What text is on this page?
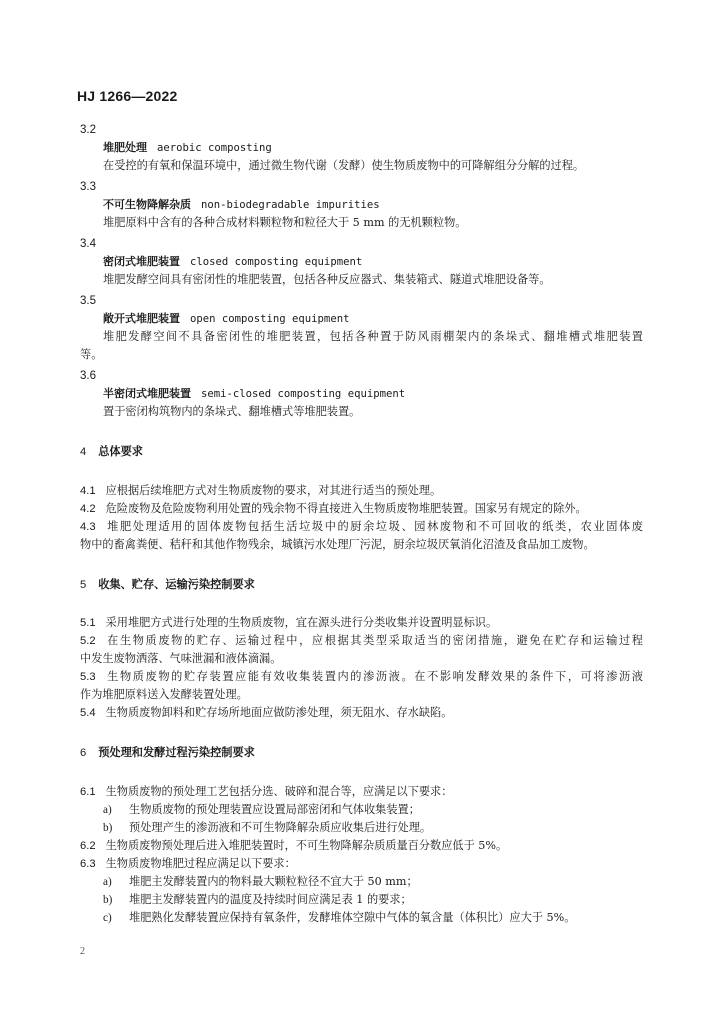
HJ 1266—2022
3.2
堆肥处理 aerobic composting
在受控的有氧和保温环境中，通过微生物代谢（发酵）使生物质废物中的可降解组分分解的过程。
3.3
不可生物降解杂质 non-biodegradable impurities
堆肥原料中含有的各种合成材料颗粒物和粒径大于 5 mm 的无机颗粒物。
3.4
密闭式堆肥装置 closed composting equipment
堆肥发酵空间具有密闭性的堆肥装置，包括各种反应器式、集装箱式、隧道式堆肥设备等。
3.5
敞开式堆肥装置 open composting equipment
堆肥发酵空间不具备密闭性的堆肥装置，包括各种置于防风雨棚架内的条垛式、翻堆槽式堆肥装置
等。
3.6
半密闭式堆肥装置 semi-closed composting equipment
置于密闭构筑物内的条垛式、翻堆槽式等堆肥装置。
4 总体要求
4.1 应根据后续堆肥方式对生物质废物的要求，对其进行适当的预处理。
4.2 危险废物及危险废物利用处置的残余物不得直接进入生物质废物堆肥装置。国家另有规定的除外。
4.3 堆肥处理适用的固体废物包括生活垃圾中的厨余垃圾、园林废物和不可回收的纸类，农业固体废
物中的畜禽粪便、秸秆和其他作物残余，城镇污水处理厂污泥，厨余垃圾厌氧消化沼渣及食品加工废物。
5 收集、贮存、运输污染控制要求
5.1 采用堆肥方式进行处理的生物质废物，宜在源头进行分类收集并设置明显标识。
5.2 在生物质废物的贮存、运输过程中，应根据其类型采取适当的密闭措施，避免在贮存和运输过程
中发生废物洒落、气味泄漏和液体滴漏。
5.3 生物质废物的贮存装置应能有效收集装置内的渗沥液。在不影响发酵效果的条件下，可将渗沥液
作为堆肥原料送入发酵装置处理。
5.4 生物质废物卸料和贮存场所地面应做防渗处理，须无阻水、存水缺陷。
6 预处理和发酵过程污染控制要求
6.1 生物质废物的预处理工艺包括分选、破碎和混合等，应满足以下要求：
a) 生物质废物的预处理装置应设置局部密闭和气体收集装置；
b) 预处理产生的渗沥液和不可生物降解杂质应收集后进行处理。
6.2 生物质废物预处理后进入堆肥装置时，不可生物降解杂质质量百分数应低于 5%。
6.3 生物质废物堆肥过程应满足以下要求：
a) 堆肥主发酵装置内的物料最大颗粒粒径不宜大于 50 mm；
b) 堆肥主发酵装置内的温度及持续时间应满足表 1 的要求；
c) 堆肥熟化发酵装置应保持有氧条件，发酵堆体空隙中气体的氧含量（体积比）应大于 5%。
2
